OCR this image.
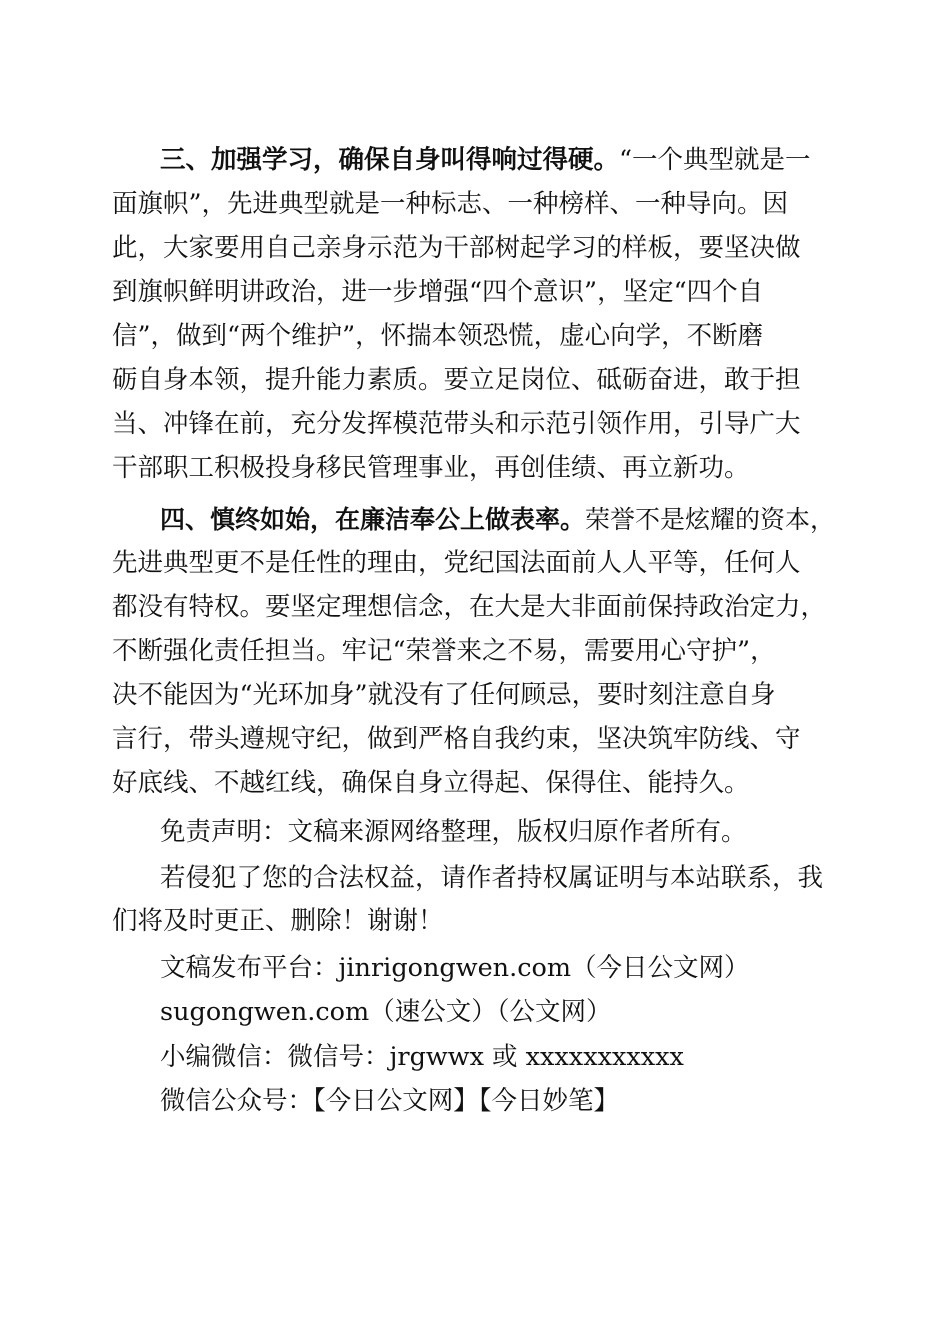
三、加强学习，确保自身叫得响过得硬。“一个典型就是一
面旗帜”，先进典型就是一种标志、一种榜样、一种导向。因
此，大家要用自己亲身示范为干部树起学习的样板，要坚决做
到旗帜鲜明讲政治，进一步增强“四个意识”，坚定“四个自
信”，做到“两个维护”，怀揣本领恐慌，虚心向学，不断磨
砺自身本领，提升能力素质。要立足岗位、砥砺奋进，敢于担
当、冲锋在前，充分发挥模范带头和示范引领作用，引导广大
干部职工积极投身移民管理事业，再创佳绩、再立新功。
四、慎终如始，在廉洁奉公上做表率。荣誉不是炫耀的资本，
先进典型更不是任性的理由，党纪国法面前人人平等，任何人
都没有特权。要坚定理想信念，在大是大非面前保持政治定力，
不断强化责任担当。牢记“荣誉来之不易，需要用心守护”，
决不能因为“光环加身”就没有了任何顾忌，要时刻注意自身
言行，带头遵规守纪，做到严格自我约束，坚决筑牢防线、守
好底线、不越红线，确保自身立得起、保得住、能持久。
免责声明：文稿来源网络整理，版权归原作者所有。
若侵犯了您的合法权益，请作者持权属证明与本站联系，我
们将及时更正、删除！谢谢！
文稿发布平台：jinrigongwen.com（今日公文网）
sugongwen.com（速公文）（公文网）
小编微信：微信号：jrgwwx 或 xxxxxxxxxxx
微信公众号：【今日公文网】【今日妙笔】
